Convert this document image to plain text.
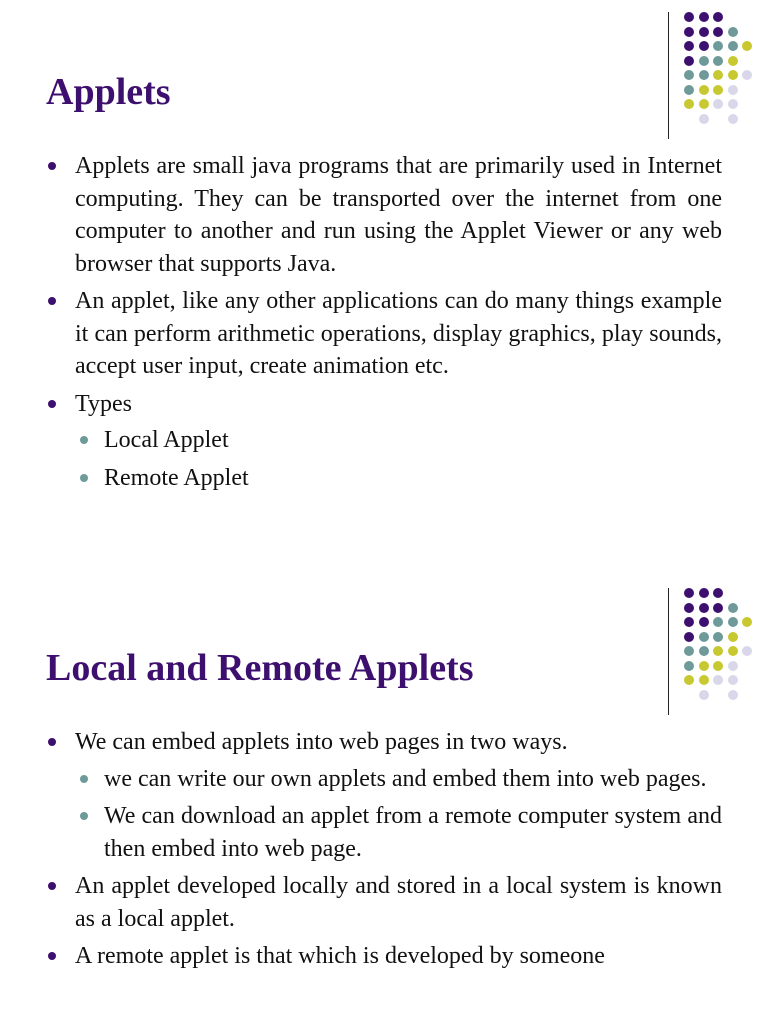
Applets
Applets are small java programs that are primarily used in Internet computing. They can be transported over the internet from one computer to another and run using the Applet Viewer or any web browser that supports Java.
An applet, like any other applications can do many things example it can perform arithmetic operations, display graphics, play sounds, accept user input, create animation etc.
Types
Local Applet
Remote Applet
Local and Remote Applets
We can embed applets into web pages in two ways.
we can write our own applets and embed them into web pages.
We can download an applet from a remote computer system and then embed into web page.
An applet developed locally and stored in a local system is known as a local applet.
A remote applet is that which is developed by someone
